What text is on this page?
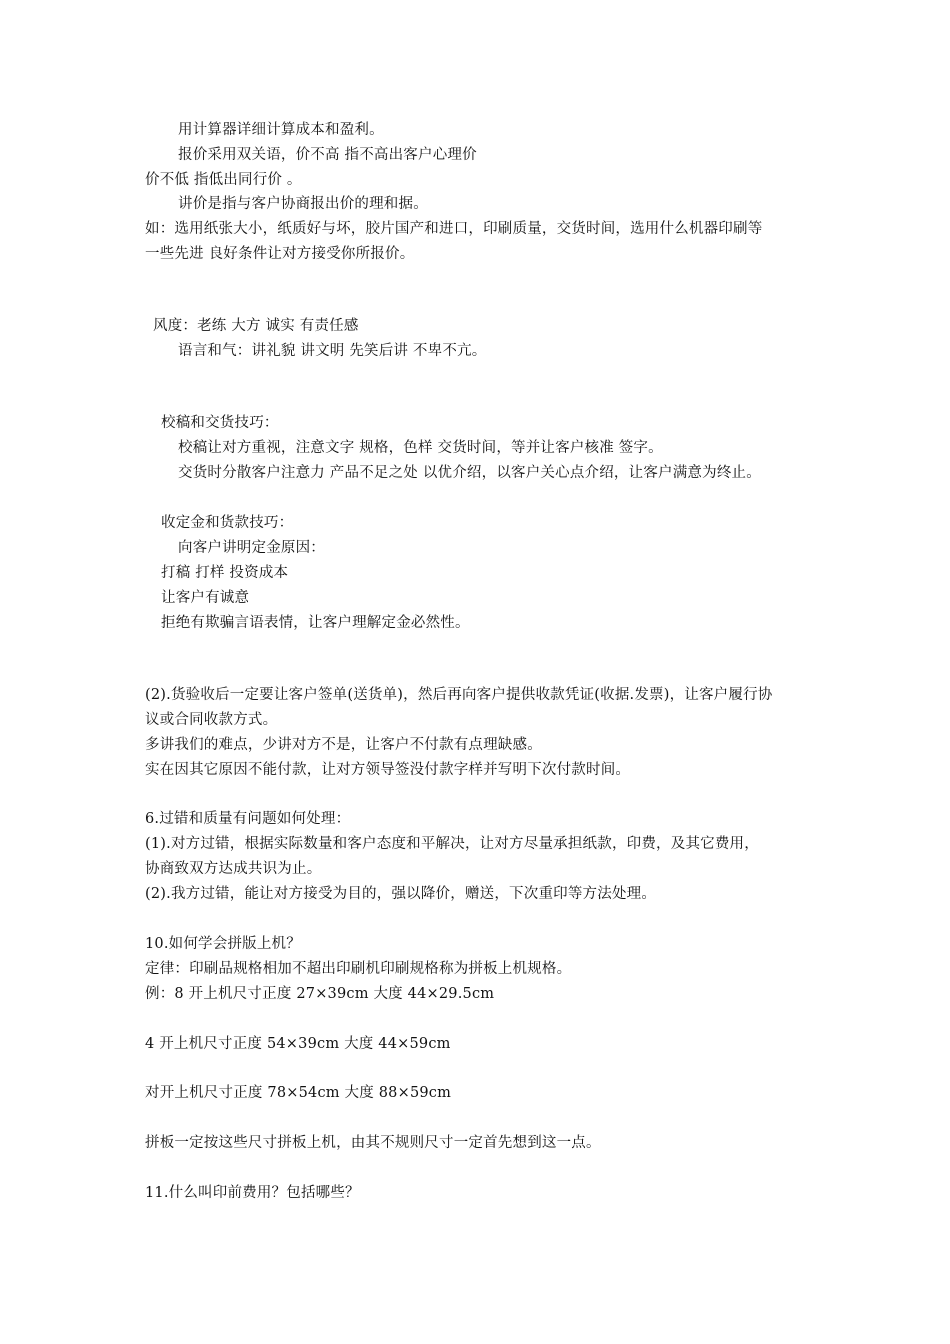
用计算器详细计算成本和盈利。
报价采用双关语，价不高 指不高出客户心理价
价不低 指低出同行价 。
讲价是指与客户协商报出价的理和据。
如：选用纸张大小，纸质好与坏，胶片国产和进口，印刷质量，交货时间，选用什么机器印刷等
一些先进 良好条件让对方接受你所报价。
风度：老练 大方 诚实 有责任感
语言和气：讲礼貌 讲文明 先笑后讲 不卑不亢。
校稿和交货技巧：
校稿让对方重视，注意文字 规格，色样 交货时间，等并让客户核准 签字。
交货时分散客户注意力 产品不足之处 以优介绍，以客户关心点介绍，让客户满意为终止。
收定金和货款技巧：
向客户讲明定金原因：
打稿 打样 投资成本
让客户有诚意
拒绝有欺骗言语表情，让客户理解定金必然性。
(2).货验收后一定要让客户签单(送货单)，然后再向客户提供收款凭证(收据.发票)，让客户履行协
议或合同收款方式。
多讲我们的难点，少讲对方不是，让客户不付款有点理缺感。
实在因其它原因不能付款，让对方领导签没付款字样并写明下次付款时间。
6.过错和质量有问题如何处理：
(1).对方过错，根据实际数量和客户态度和平解决，让对方尽量承担纸款，印费，及其它费用，
协商致双方达成共识为止。
(2).我方过错，能让对方接受为目的，强以降价，赠送，下次重印等方法处理。
10.如何学会拼版上机？
定律：印刷品规格相加不超出印刷机印刷规格称为拼板上机规格。
例：8 开上机尺寸正度 27×39cm 大度 44×29.5cm
4 开上机尺寸正度 54×39cm 大度 44×59cm
对开上机尺寸正度 78×54cm 大度 88×59cm
拼板一定按这些尺寸拼板上机，由其不规则尺寸一定首先想到这一点。
11.什么叫印前费用？包括哪些？
